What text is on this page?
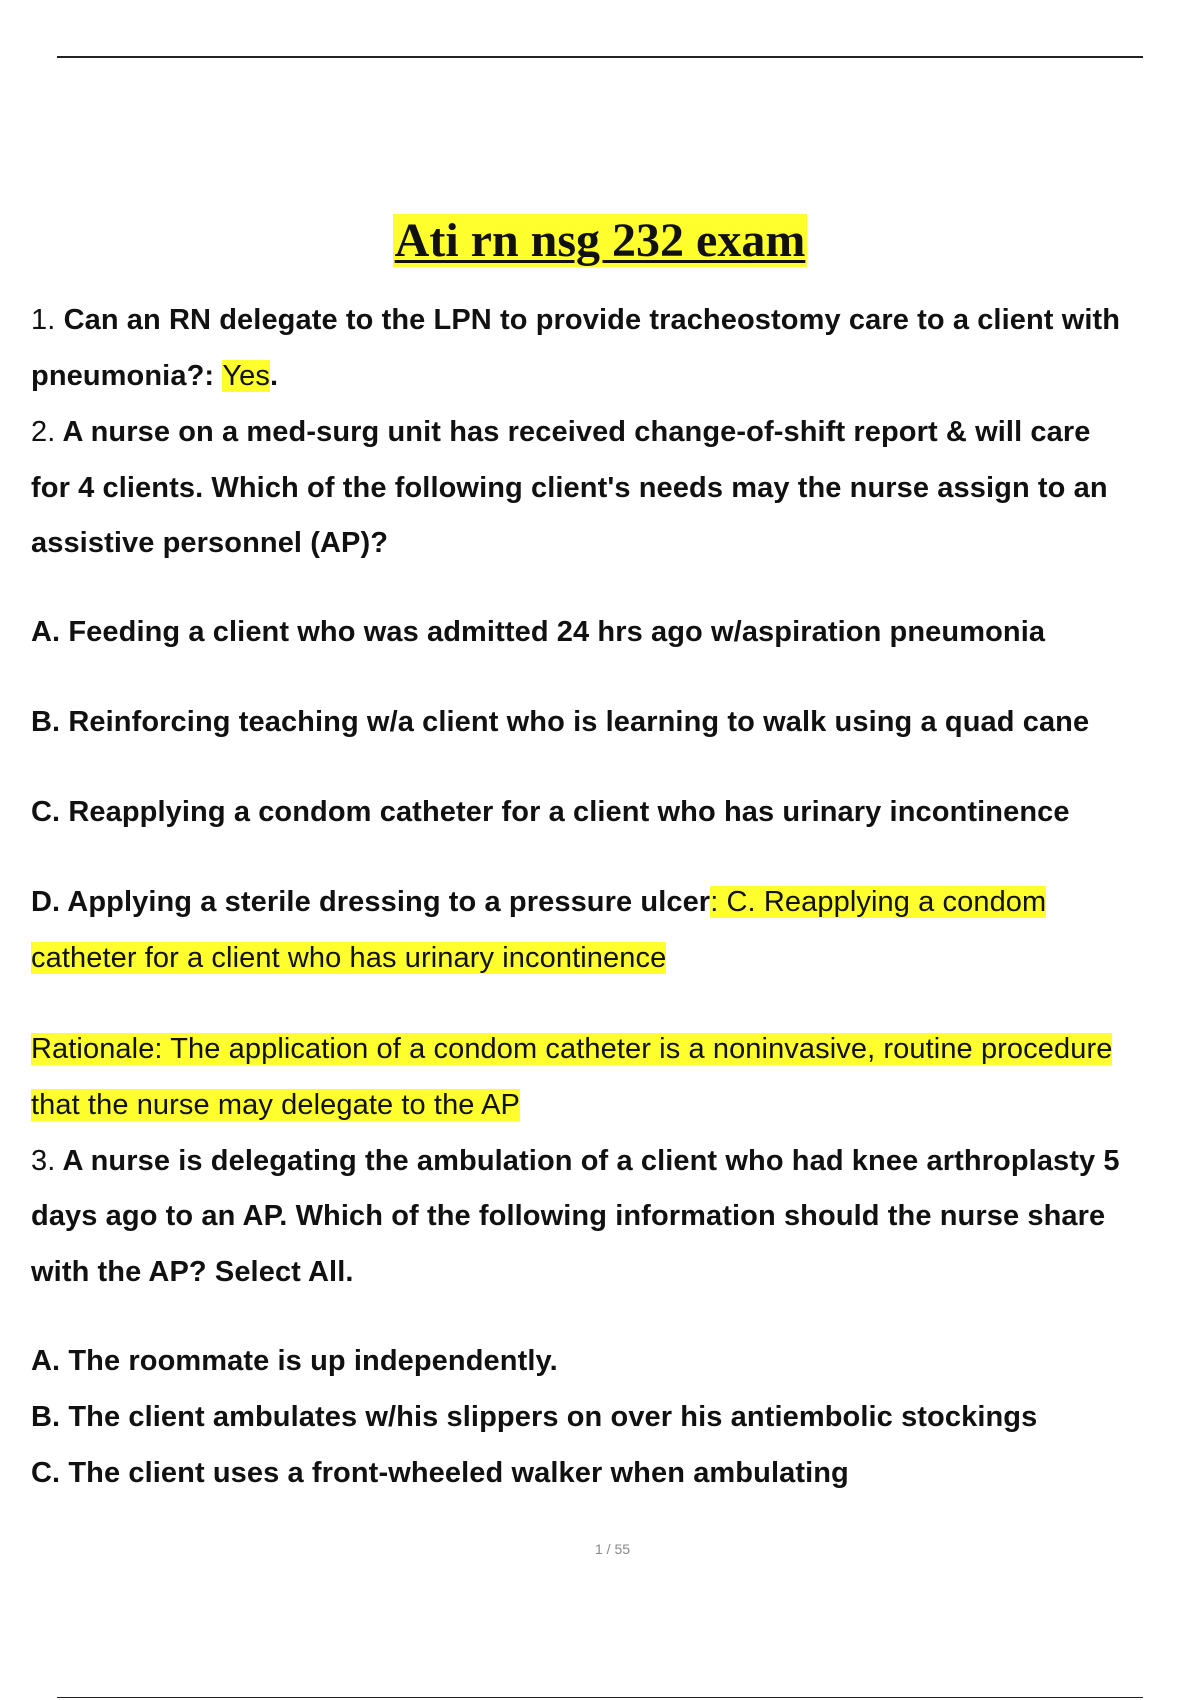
Ati rn nsg 232 exam
1. Can an RN delegate to the LPN to provide tracheostomy care to a client with
pneumonia?: Yes.
2. A nurse on a med-surg unit has received change-of-shift report & will care
for 4 clients. Which of the following client's needs may the nurse assign to an
assistive personnel (AP)?
A. Feeding a client who was admitted 24 hrs ago w/aspiration pneumonia
B. Reinforcing teaching w/a client who is learning to walk using a quad cane
C. Reapplying a condom catheter for a client who has urinary incontinence
D. Applying a sterile dressing to a pressure ulcer: C. Reapplying a condom
catheter for a client who has urinary incontinence
Rationale: The application of a condom catheter is a noninvasive, routine procedure
that the nurse may delegate to the AP
3. A nurse is delegating the ambulation of a client who had knee arthroplasty 5
days ago to an AP. Which of the following information should the nurse share
with the AP? Select All.
A. The roommate is up independently.
B. The client ambulates w/his slippers on over his antiembolic stockings
C. The client uses a front-wheeled walker when ambulating
1 / 55
